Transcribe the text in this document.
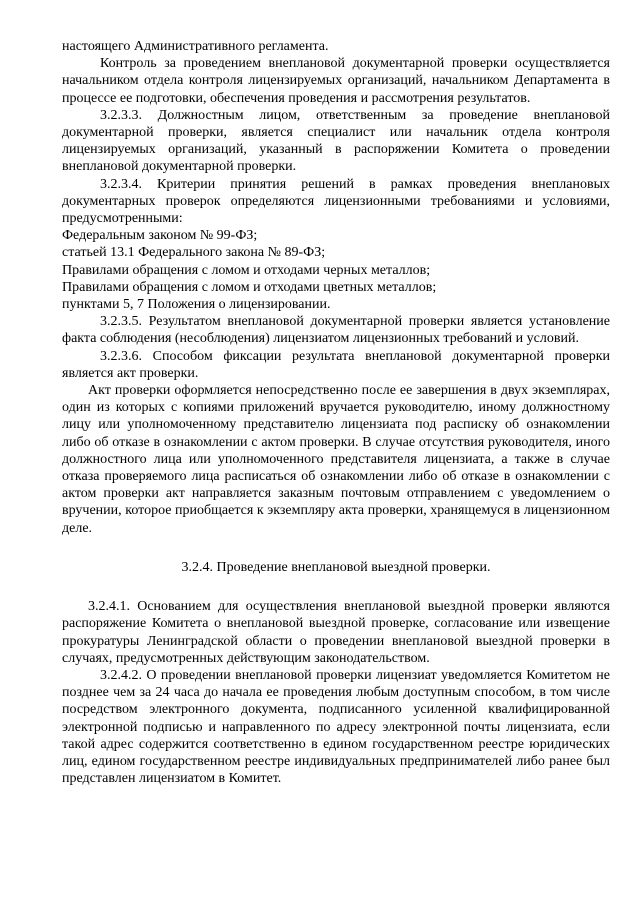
настоящего Административного регламента.

Контроль за проведением внеплановой документарной проверки осуществляется начальником отдела контроля лицензируемых организаций, начальником Департамента в процессе ее подготовки, обеспечения проведения и рассмотрения результатов.

3.2.3.3. Должностным лицом, ответственным за проведение внеплановой документарной проверки, является специалист или начальник отдела контроля лицензируемых организаций, указанный в распоряжении Комитета о проведении внеплановой документарной проверки.

3.2.3.4. Критерии принятия решений в рамках проведения внеплановых документарных проверок определяются лицензионными требованиями и условиями, предусмотренными:

Федеральным законом № 99-ФЗ;

статьей 13.1 Федерального закона № 89-ФЗ;

Правилами обращения с ломом и отходами черных металлов;

Правилами обращения с ломом и отходами цветных металлов;

пунктами 5, 7 Положения о лицензировании.

3.2.3.5. Результатом внеплановой документарной проверки является установление факта соблюдения (несоблюдения) лицензиатом лицензионных требований и условий.

3.2.3.6. Способом фиксации результата внеплановой документарной проверки является акт проверки.

Акт проверки оформляется непосредственно после ее завершения в двух экземплярах, один из которых с копиями приложений вручается руководителю, иному должностному лицу или уполномоченному представителю лицензиата под расписку об ознакомлении либо об отказе в ознакомлении с актом проверки. В случае отсутствия руководителя, иного должностного лица или уполномоченного представителя лицензиата, а также в случае отказа проверяемого лица расписаться об ознакомлении либо об отказе в ознакомлении с актом проверки акт направляется заказным почтовым отправлением с уведомлением о вручении, которое приобщается к экземпляру акта проверки, хранящемуся в лицензионном деле.

3.2.4. Проведение внеплановой выездной проверки.

3.2.4.1. Основанием для осуществления внеплановой выездной проверки являются распоряжение Комитета о внеплановой выездной проверке, согласование или извещение прокуратуры Ленинградской области о проведении внеплановой выездной проверки в случаях, предусмотренных действующим законодательством.

3.2.4.2. О проведении внеплановой проверки лицензиат уведомляется Комитетом не позднее чем за 24 часа до начала ее проведения любым доступным способом, в том числе посредством электронного документа, подписанного усиленной квалифицированной электронной подписью и направленного по адресу электронной почты лицензиата, если такой адрес содержится соответственно в едином государственном реестре юридических лиц, едином государственном реестре индивидуальных предпринимателей либо ранее был представлен лицензиатом в Комитет.
